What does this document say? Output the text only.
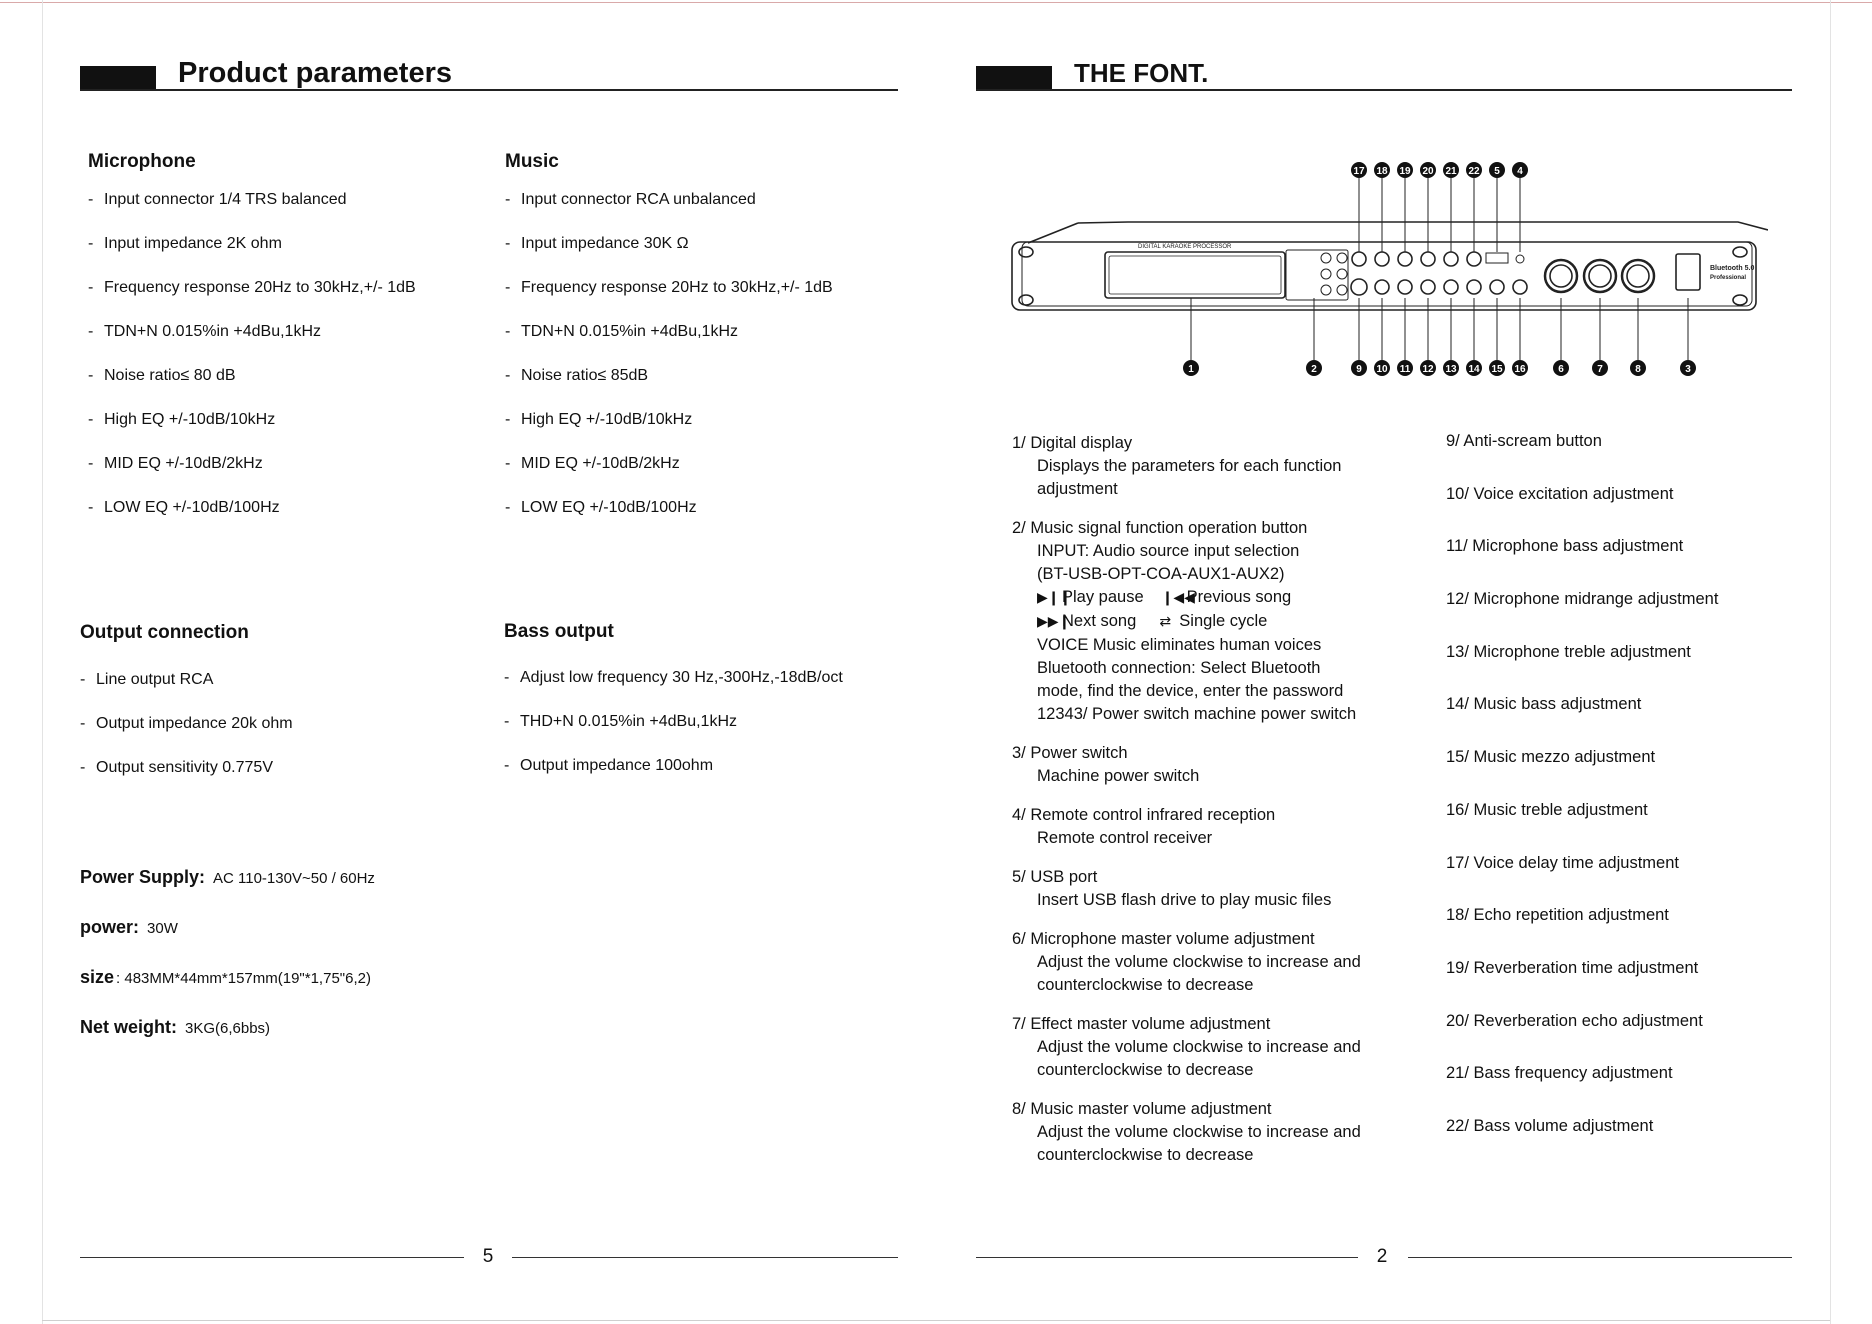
Product parameters
Microphone
- Input connector 1/4 TRS balanced
- Input impedance 2K ohm
- Frequency response 20Hz to 30kHz,+/- 1dB
- TDN+N 0.015%in +4dBu,1kHz
- Noise ratio≤ 80 dB
- High EQ +/-10dB/10kHz
- MID EQ +/-10dB/2kHz
- LOW EQ +/-10dB/100Hz
Music
- Input connector RCA unbalanced
- Input impedance 30K Ω
- Frequency response 20Hz to 30kHz,+/- 1dB
- TDN+N 0.015%in +4dBu,1kHz
- Noise ratio≤ 85dB
- High EQ +/-10dB/10kHz
- MID EQ +/-10dB/2kHz
- LOW EQ +/-10dB/100Hz
Output connection
- Line output RCA
- Output impedance 20k ohm
- Output sensitivity 0.775V
Bass output
- Adjust low frequency 30 Hz,-300Hz,-18dB/oct
- THD+N 0.015%in +4dBu,1kHz
- Output impedance 100ohm
Power Supply: AC 110-130V~50 / 60Hz
power: 30W
size : 483MM*44mm*157mm(19"*1,75"6,2)
Net weight: 3KG(6,6bbs)
5
THE FONT.
2
DIGITAL KARAOKE PROCESSOR
Bluetooth 5.0
Professional
17 18 19 20 21 22 5 4
1	2	9 10 11 12 13 14 15 16	6	7	8	3
1/ Digital display
Displays the parameters for each function
adjustment
2/ Music signal function operation button
INPUT: Audio source input selection
(BT-USB-OPT-COA-AUX1-AUX2)
▶❙❙Play pause ❙◀◀Previous song
▶▶❙Next song ⇄ Single cycle
VOICE Music eliminates human voices
Bluetooth connection: Select Bluetooth
mode, find the device, enter the password
12343/ Power switch machine power switch
3/ Power switch
Machine power switch
4/ Remote control infrared reception
Remote control receiver
5/ USB port
Insert USB flash drive to play music files
6/ Microphone master volume adjustment
Adjust the volume clockwise to increase and
counterclockwise to decrease
7/ Effect master volume adjustment
Adjust the volume clockwise to increase and
counterclockwise to decrease
8/ Music master volume adjustment
Adjust the volume clockwise to increase and
counterclockwise to decrease
9/ Anti-scream button
10/ Voice excitation adjustment
11/ Microphone bass adjustment
12/ Microphone midrange adjustment
13/ Microphone treble adjustment
14/ Music bass adjustment
15/ Music mezzo adjustment
16/ Music treble adjustment
17/ Voice delay time adjustment
18/ Echo repetition adjustment
19/ Reverberation time adjustment
20/ Reverberation echo adjustment
21/ Bass frequency adjustment
22/ Bass volume adjustment
